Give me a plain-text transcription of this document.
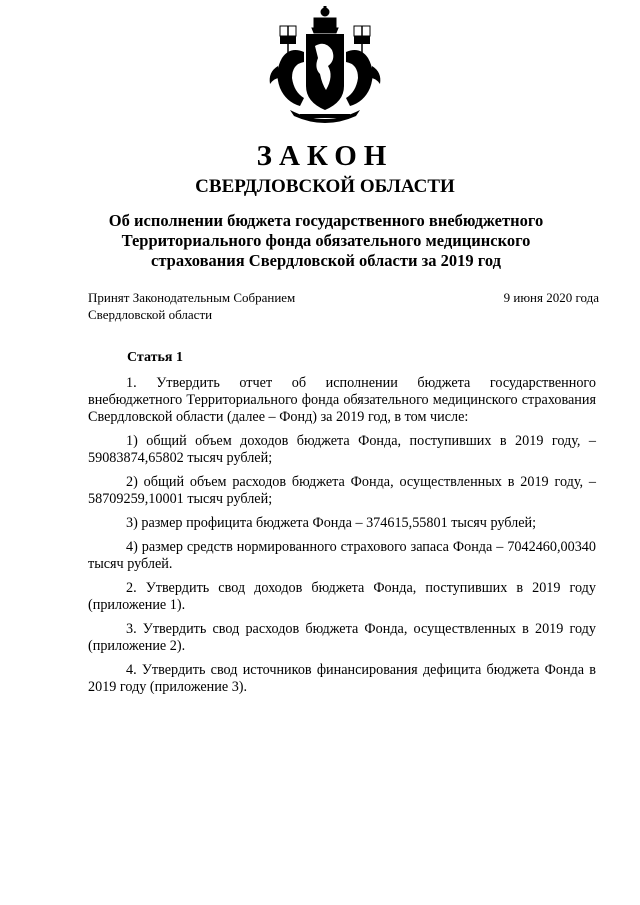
ЗАКОН
СВЕРДЛОВСКОЙ ОБЛАСТИ
Об исполнении бюджета государственного внебюджетного
Территориального фонда обязательного медицинского
страхования Свердловской области за 2019 год
Принят Законодательным Собранием
Свердловской области
9 июня 2020 года
Статья 1

1. Утвердить отчет об исполнении бюджета государственного внебюджетного Территориального фонда обязательного медицинского страхования Свердловской области (далее – Фонд) за 2019 год, в том числе:

1) общий объем доходов бюджета Фонда, поступивших в 2019 году, – 59083874,65802 тысяч рублей;

2) общий объем расходов бюджета Фонда, осуществленных в 2019 году, – 58709259,10001 тысяч рублей;

3) размер профицита бюджета Фонда – 374615,55801 тысяч рублей;

4) размер средств нормированного страхового запаса Фонда – 7042460,00340 тысяч рублей.

2. Утвердить свод доходов бюджета Фонда, поступивших в 2019 году (приложение 1).

3. Утвердить свод расходов бюджета Фонда, осуществленных в 2019 году (приложение 2).

4. Утвердить свод источников финансирования дефицита бюджета Фонда в 2019 году (приложение 3).
